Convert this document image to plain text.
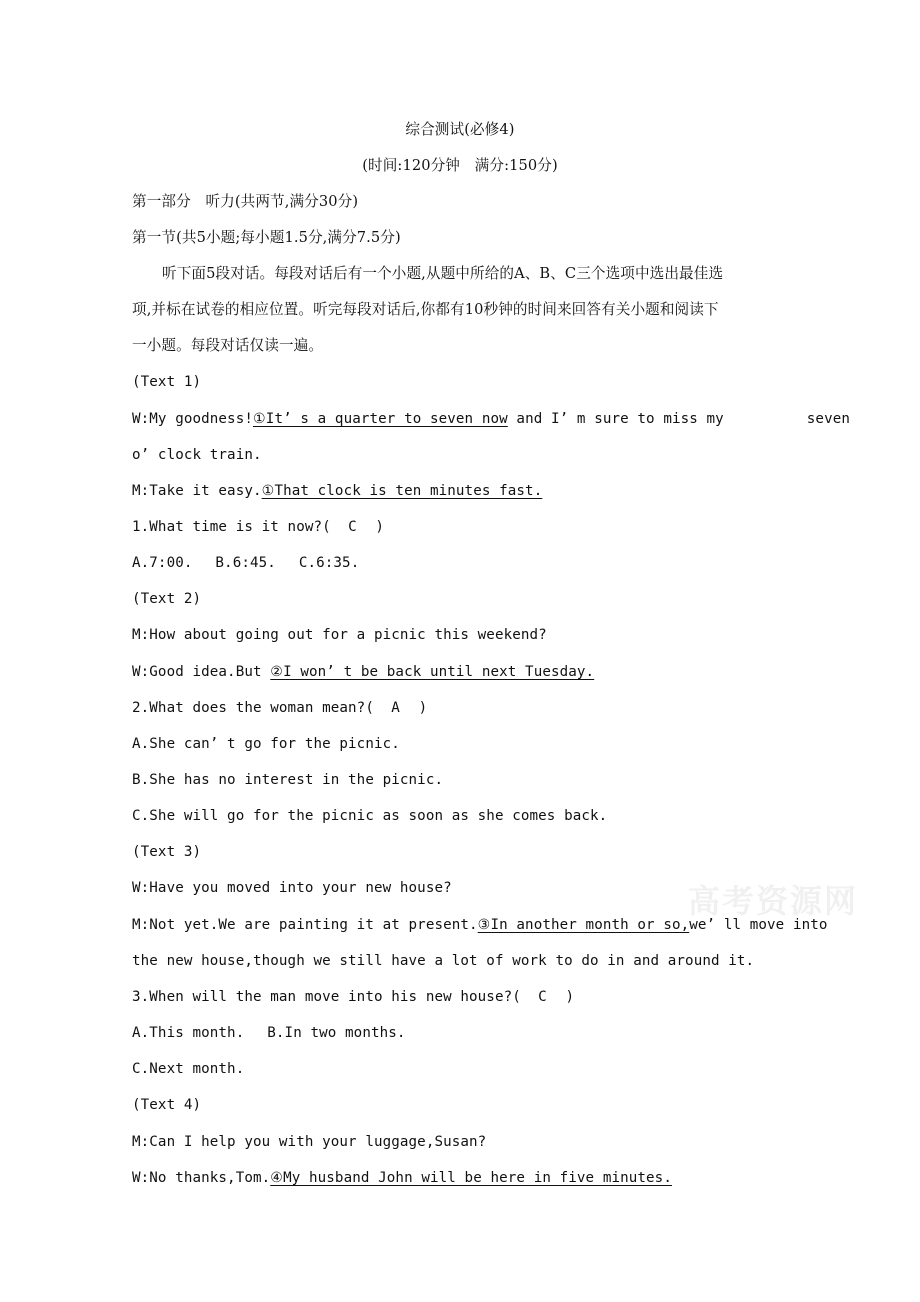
综合测试(必修4)
(时间:120分钟　满分:150分)
第一部分　听力(共两节,满分30分)
第一节(共5小题;每小题1.5分,满分7.5分)
听下面5段对话。每段对话后有一个小题,从题中所给的A、B、C三个选项中选出最佳选
项,并标在试卷的相应位置。听完每段对话后,你都有10秒钟的时间来回答有关小题和阅读下
一小题。每段对话仅读一遍。
(Text 1)
W:My goodness!①It’ s a quarter to seven now and I’ m sure to miss my	seven
o’ clock train.
M:Take it easy.①That clock is ten minutes fast.
1.What time is it now?( C )
A.7:00.　 B.6:45.　 C.6:35.
(Text 2)
M:How about going out for a picnic this weekend?
W:Good idea.But ②I won’ t be back until next Tuesday.
2.What does the woman mean?( A )
A.She can’ t go for the picnic.
B.She has no interest in the picnic.
C.She will go for the picnic as soon as she comes back.
(Text 3)
W:Have you moved into your new house?
M:Not yet.We are painting it at present.③In another month or so,we’ ll move into
the new house,though we still have a lot of work to do in and around it.
3.When will the man move into his new house?( C )
A.This month.　 B.In two months.
C.Next month.
(Text 4)
M:Can I help you with your luggage,Susan?
W:No thanks,Tom.④My husband John will be here in five minutes.
高考资源网
